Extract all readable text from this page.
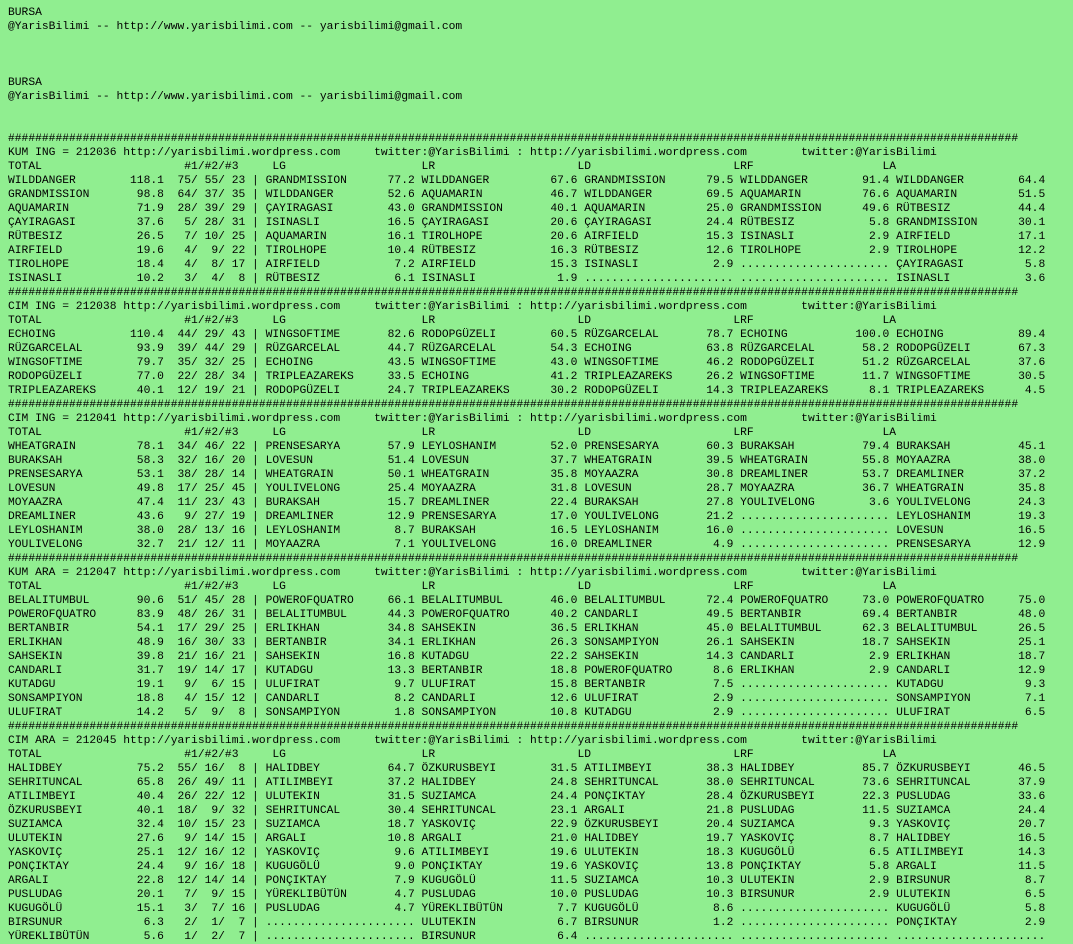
BURSA
@YarisBilimi -- http://www.yarisbilimi.com -- yarisbilimi@gmail.com
BURSA
@YarisBilimi -- http://www.yarisbilimi.com -- yarisbilimi@gmail.com
#####################################################################################################################################################
KUM ING = 212036 http://yarisbilimi.wordpress.com     twitter:@YarisBilimi : http://yarisbilimi.wordpress.com        twitter:@YarisBilimi
TOTAL                     #1/#2/#3     LG                    LR                     LD                     LRF                   LA
WILDDANGER        118.1  75/ 55/ 23 | GRANDMISSION      77.2 WILDDANGER         67.6 GRANDMISSION      79.5 WILDDANGER        91.4 WILDDANGER        64.4
GRANDMISSION       98.8  64/ 37/ 35 | WILDDANGER        52.6 AQUAMARIN          46.7 WILDDANGER        69.5 AQUAMARIN         76.6 AQUAMARIN         51.5
AQUAMARIN          71.9  28/ 39/ 29 | ÇAYIRAGASI        43.0 GRANDMISSION       40.1 AQUAMARIN         25.0 GRANDMISSION      49.6 RÜTBESIZ          44.4
ÇAYIRAGASI         37.6   5/ 28/ 31 | ISINASLI          16.5 ÇAYIRAGASI         20.6 ÇAYIRAGASI        24.4 RÜTBESIZ           5.8 GRANDMISSION      30.1
RÜTBESIZ           26.5   7/ 10/ 25 | AQUAMARIN         16.1 TIROLHOPE          20.6 AIRFIELD          15.3 ISINASLI           2.9 AIRFIELD          17.1
AIRFIELD           19.6   4/  9/ 22 | TIROLHOPE         10.4 RÜTBESIZ           16.3 RÜTBESIZ          12.6 TIROLHOPE          2.9 TIROLHOPE         12.2
TIROLHOPE          18.4   4/  8/ 17 | AIRFIELD           7.2 AIRFIELD           15.3 ISINASLI           2.9 ...................... ÇAYIRAGASI         5.8
ISINASLI           10.2   3/  4/  8 | RÜTBESIZ           6.1 ISINASLI            1.9 ...................... ...................... ISINASLI           3.6
#####################################################################################################################################################
CIM ING = 212038 http://yarisbilimi.wordpress.com     twitter:@YarisBilimi : http://yarisbilimi.wordpress.com        twitter:@YarisBilimi
TOTAL                     #1/#2/#3     LG                    LR                     LD                     LRF                   LA
ECHOING           110.4  44/ 29/ 43 | WINGSOFTIME       82.6 RODOPGÜZELI        60.5 RÜZGARCELAL       78.7 ECHOING          100.0 ECHOING           89.4
RÜZGARCELAL        93.9  39/ 44/ 29 | RÜZGARCELAL       44.7 RÜZGARCELAL        54.3 ECHOING           63.8 RÜZGARCELAL       58.2 RODOPGÜZELI       67.3
WINGSOFTIME        79.7  35/ 32/ 25 | ECHOING           43.5 WINGSOFTIME        43.0 WINGSOFTIME       46.2 RODOPGÜZELI       51.2 RÜZGARCELAL       37.6
RODOPGÜZELI        77.0  22/ 28/ 34 | TRIPLEAZAREKS     33.5 ECHOING            41.2 TRIPLEAZAREKS     26.2 WINGSOFTIME       11.7 WINGSOFTIME       30.5
TRIPLEAZAREKS      40.1  12/ 19/ 21 | RODOPGÜZELI       24.7 TRIPLEAZAREKS      30.2 RODOPGÜZELI       14.3 TRIPLEAZAREKS      8.1 TRIPLEAZAREKS      4.5
#####################################################################################################################################################
CIM ING = 212041 http://yarisbilimi.wordpress.com     twitter:@YarisBilimi : http://yarisbilimi.wordpress.com        twitter:@YarisBilimi
TOTAL                     #1/#2/#3     LG                    LR                     LD                     LRF                   LA
WHEATGRAIN         78.1  34/ 46/ 22 | PRENSESARYA       57.9 LEYLOSHANIM        52.0 PRENSESARYA       60.3 BURAKSAH          79.4 BURAKSAH          45.1
BURAKSAH           58.3  32/ 16/ 20 | LOVESUN           51.4 LOVESUN            37.7 WHEATGRAIN        39.5 WHEATGRAIN        55.8 MOYAAZRA          38.0
PRENSESARYA        53.1  38/ 28/ 14 | WHEATGRAIN        50.1 WHEATGRAIN         35.8 MOYAAZRA          30.8 DREAMLINER        53.7 DREAMLINER        37.2
LOVESUN            49.8  17/ 25/ 45 | YOULIVELONG       25.4 MOYAAZRA           31.8 LOVESUN           28.7 MOYAAZRA          36.7 WHEATGRAIN        35.8
MOYAAZRA           47.4  11/ 23/ 43 | BURAKSAH          15.7 DREAMLINER         22.4 BURAKSAH          27.8 YOULIVELONG        3.6 YOULIVELONG       24.3
DREAMLINER         43.6   9/ 27/ 19 | DREAMLINER        12.9 PRENSESARYA        17.0 YOULIVELONG       21.2 ...................... LEYLOSHANIM       19.3
LEYLOSHANIM        38.0  28/ 13/ 16 | LEYLOSHANIM        8.7 BURAKSAH           16.5 LEYLOSHANIM       16.0 ...................... LOVESUN           16.5
YOULIVELONG        32.7  21/ 12/ 11 | MOYAAZRA           7.1 YOULIVELONG        16.0 DREAMLINER         4.9 ...................... PRENSESARYA       12.9
#####################################################################################################################################################
KUM ARA = 212047 http://yarisbilimi.wordpress.com     twitter:@YarisBilimi : http://yarisbilimi.wordpress.com        twitter:@YarisBilimi
TOTAL                     #1/#2/#3     LG                    LR                     LD                     LRF                   LA
BELALITUMBUL       90.6  51/ 45/ 28 | POWEROFQUATRO     66.1 BELALITUMBUL       46.0 BELALITUMBUL      72.4 POWEROFQUATRO     73.0 POWEROFQUATRO     75.0
POWEROFQUATRO      83.9  48/ 26/ 31 | BELALITUMBUL      44.3 POWEROFQUATRO      40.2 CANDARLI          49.5 BERTANBIR         69.4 BERTANBIR         48.0
BERTANBIR          54.1  17/ 29/ 25 | ERLIKHAN          34.8 SAHSEKIN           36.5 ERLIKHAN          45.0 BELALITUMBUL      62.3 BELALITUMBUL      26.5
ERLIKHAN           48.9  16/ 30/ 33 | BERTANBIR         34.1 ERLIKHAN           26.3 SONSAMPIYON       26.1 SAHSEKIN          18.7 SAHSEKIN          25.1
SAHSEKIN           39.8  21/ 16/ 21 | SAHSEKIN          16.8 KUTADGU            22.2 SAHSEKIN          14.3 CANDARLI           2.9 ERLIKHAN          18.7
CANDARLI           31.7  19/ 14/ 17 | KUTADGU           13.3 BERTANBIR          18.8 POWEROFQUATRO      8.6 ERLIKHAN           2.9 CANDARLI          12.9
KUTADGU            19.1   9/  6/ 15 | ULUFIRAT           9.7 ULUFIRAT           15.8 BERTANBIR          7.5 ...................... KUTADGU            9.3
SONSAMPIYON        18.8   4/ 15/ 12 | CANDARLI           8.2 CANDARLI           12.6 ULUFIRAT           2.9 ...................... SONSAMPIYON        7.1
ULUFIRAT           14.2   5/  9/  8 | SONSAMPIYON        1.8 SONSAMPIYON        10.8 KUTADGU            2.9 ...................... ULUFIRAT           6.5
#####################################################################################################################################################
CIM ARA = 212045 http://yarisbilimi.wordpress.com     twitter:@YarisBilimi : http://yarisbilimi.wordpress.com        twitter:@YarisBilimi
TOTAL                     #1/#2/#3     LG                    LR                     LD                     LRF                   LA
HALIDBEY           75.2  55/ 16/  8 | HALIDBEY          64.7 ÖZKURUSBEYI        31.5 ATILIMBEYI        38.3 HALIDBEY          85.7 ÖZKURUSBEYI       46.5
SEHRITUNCAL        65.8  26/ 49/ 11 | ATILIMBEYI        37.2 HALIDBEY           24.8 SEHRITUNCAL       38.0 SEHRITUNCAL       73.6 SEHRITUNCAL       37.9
ATILIMBEYI         40.4  26/ 22/ 12 | ULUTEKIN          31.5 SUZIAMCA           24.4 PONÇIKTAY         28.4 ÖZKURUSBEYI       22.3 PUSLUDAG          33.6
ÖZKURUSBEYI        40.1  18/  9/ 32 | SEHRITUNCAL       30.4 SEHRITUNCAL        23.1 ARGALI            21.8 PUSLUDAG          11.5 SUZIAMCA          24.4
SUZIAMCA           32.4  10/ 15/ 23 | SUZIAMCA          18.7 YASKOVIÇ           22.9 ÖZKURUSBEYI       20.4 SUZIAMCA           9.3 YASKOVIÇ          20.7
ULUTEKIN           27.6   9/ 14/ 15 | ARGALI            10.8 ARGALI             21.0 HALIDBEY          19.7 YASKOVIÇ           8.7 HALIDBEY          16.5
YASKOVIÇ           25.1  12/ 16/ 12 | YASKOVIÇ           9.6 ATILIMBEYI         19.6 ULUTEKIN          18.3 KUGUGÖLÜ           6.5 ATILIMBEYI        14.3
PONÇIKTAY          24.4   9/ 16/ 18 | KUGUGÖLÜ           9.0 PONÇIKTAY          19.6 YASKOVIÇ          13.8 PONÇIKTAY          5.8 ARGALI            11.5
ARGALI             22.8  12/ 14/ 14 | PONÇIKTAY          7.9 KUGUGÖLÜ           11.5 SUZIAMCA          10.3 ULUTEKIN           2.9 BIRSUNUR           8.7
PUSLUDAG           20.1   7/  9/ 15 | YÜREKLIBÜTÜN       4.7 PUSLUDAG           10.0 PUSLUDAG          10.3 BIRSUNUR           2.9 ULUTEKIN           6.5
KUGUGÖLÜ           15.1   3/  7/ 16 | PUSLUDAG           4.7 YÜREKLIBÜTÜN        7.7 KUGUGÖLÜ           8.6 ...................... KUGUGÖLÜ           5.8
BIRSUNUR            6.3   2/  1/  7 | ...................... ULUTEKIN            6.7 BIRSUNUR           1.2 ...................... PONÇIKTAY          2.9
YÜREKLIBÜTÜN        5.6   1/  2/  7 | ...................... BIRSUNUR            6.4 ...................... ...................... ......................
